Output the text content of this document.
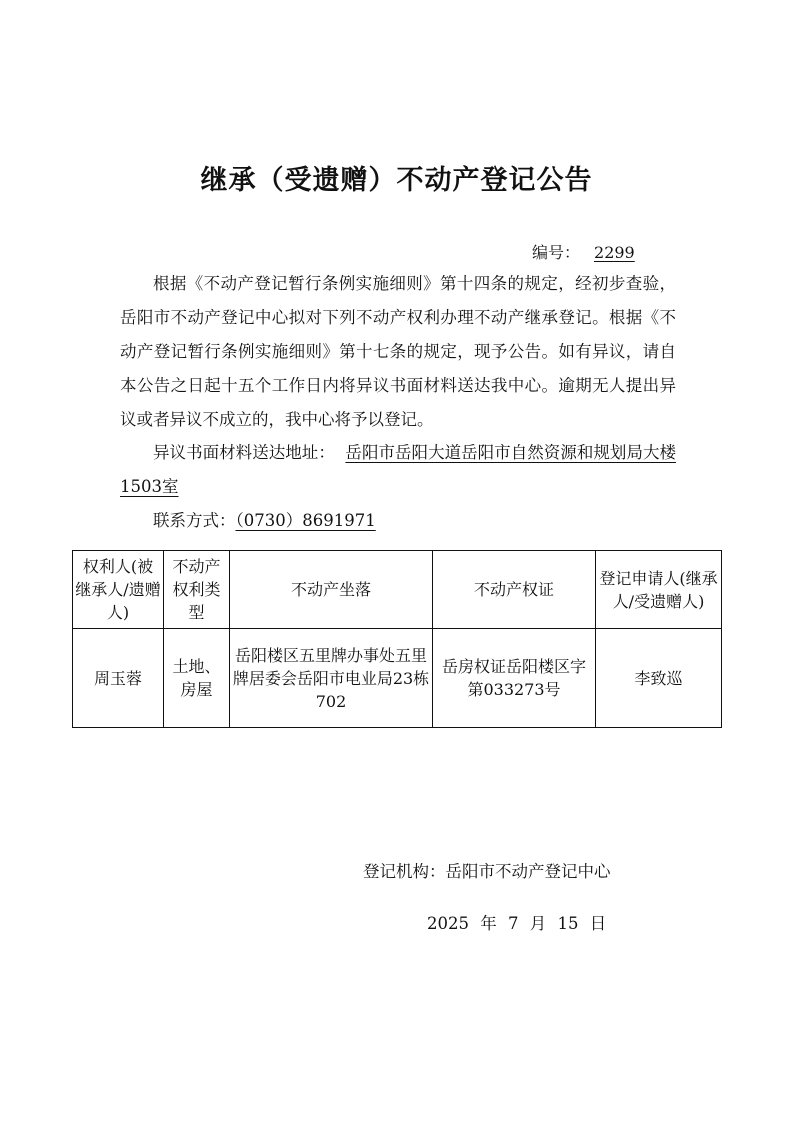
继承（受遗赠）不动产登记公告
编号： 2299

根据《不动产登记暂行条例实施细则》第十四条的规定，经初步查验，岳阳市不动产登记中心拟对下列不动产权利办理不动产继承登记。根据《不动产登记暂行条例实施细则》第十七条的规定，现予公告。如有异议，请自本公告之日起十五个工作日内将异议书面材料送达我中心。逾期无人提出异议或者异议不成立的，我中心将予以登记。

异议书面材料送达地址： 岳阳市岳阳大道岳阳市自然资源和规划局大楼1503室

联系方式：（0730）8691971
权利人(被继承人/遗赠人)	不动产权利类型	不动产坐落	不动产权证	登记申请人(继承人/受遗赠人)
周玉蓉	土地、房屋	岳阳楼区五里牌办事处五里牌居委会岳阳市电业局23栋702	岳房权证岳阳楼区字第033273号	李致巡
登记机构：岳阳市不动产登记中心
2025 年 7 月 15 日
